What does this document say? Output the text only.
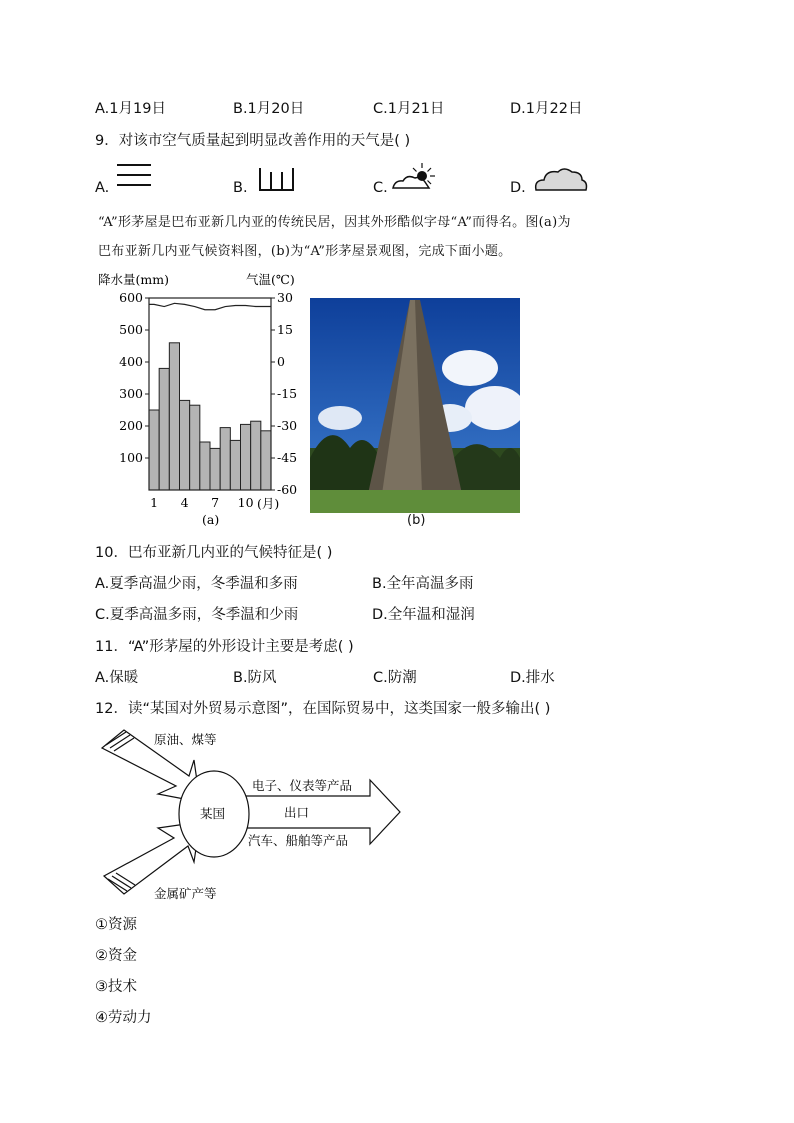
A.1月19日	B.1月20日	C.1月21日	D.1月22日
9．对该市空气质量起到明显改善作用的天气是( )
A.	B.	C.	D.
“A”形茅屋是巴布亚新几内亚的传统民居，因其外形酷似字母“A”而得名。图(a)为
巴布亚新几内亚气候资料图，(b)为“A”形茅屋景观图，完成下面小题。
降水量(mm)	气温(℃)
100
200
300
400
500
600	30
15
0
-15
-30
-45
-60
1 4 7 10 (月)
(a)	(b)
10．巴布亚新几内亚的气候特征是( )
A.夏季高温少雨，冬季温和多雨	B.全年高温多雨
C.夏季高温多雨，冬季温和少雨	D.全年温和湿润
11．“A”形茅屋的外形设计主要是考虑( )
A.保暖	B.防风	C.防潮	D.排水
12．读“某国对外贸易示意图”，在国际贸易中，这类国家一般多输出( )
原油、煤等
金属矿产等
某国
电子、仪表等产品
出口
汽车、船舶等产品
①资源
②资金
③技术
④劳动力
